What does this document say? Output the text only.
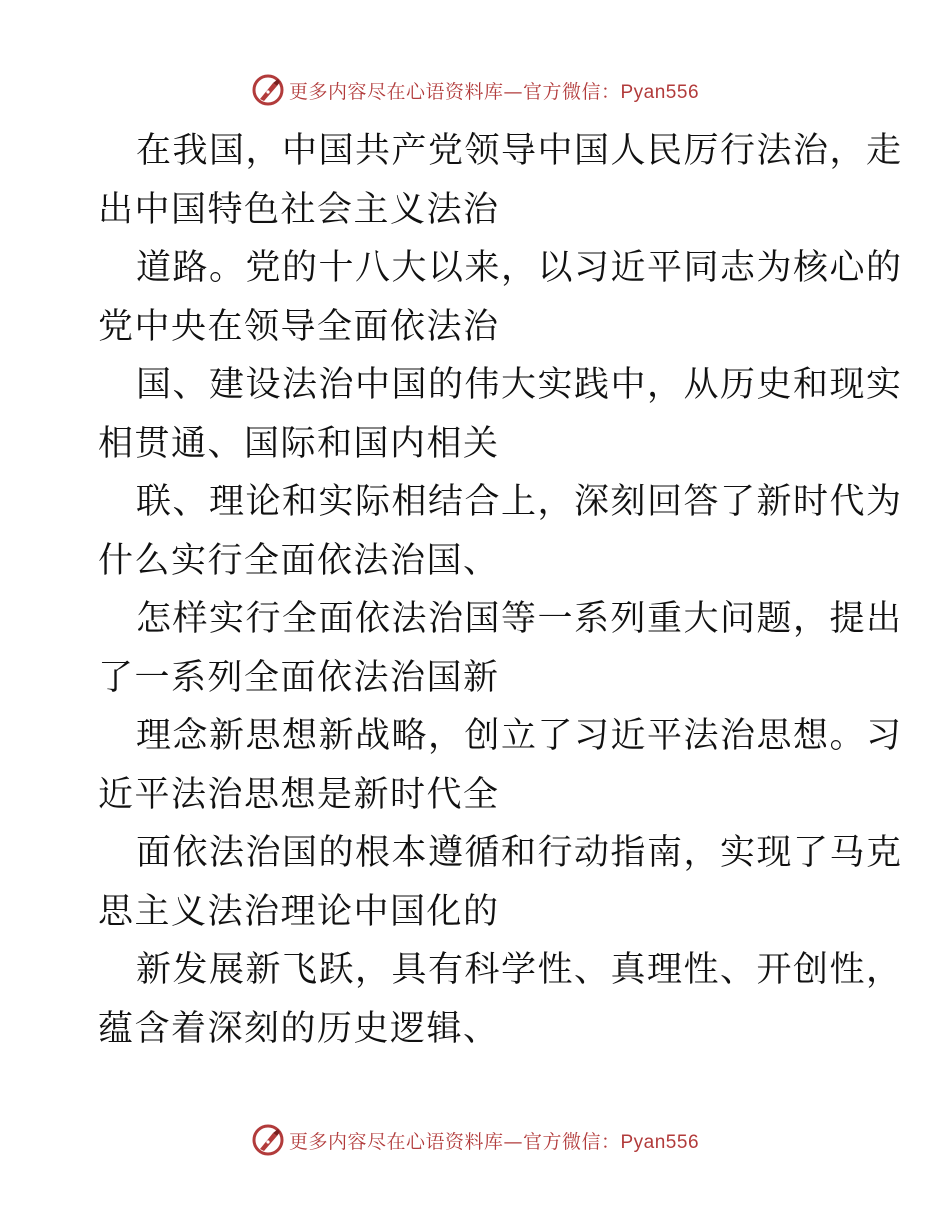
更多内容尽在心语资料库—官方微信：Pyan556
在我国，中国共产党领导中国人民厉行法治，走
出中国特色社会主义法治
道路。党的十八大以来，以习近平同志为核心的
党中央在领导全面依法治
国、建设法治中国的伟大实践中，从历史和现实
相贯通、国际和国内相关
联、理论和实际相结合上，深刻回答了新时代为
什么实行全面依法治国、
怎样实行全面依法治国等一系列重大问题，提出
了一系列全面依法治国新
理念新思想新战略，创立了习近平法治思想。习
近平法治思想是新时代全
面依法治国的根本遵循和行动指南，实现了马克
思主义法治理论中国化的
新发展新飞跃，具有科学性、真理性、开创性，
蕴含着深刻的历史逻辑、
更多内容尽在心语资料库—官方微信：Pyan556
